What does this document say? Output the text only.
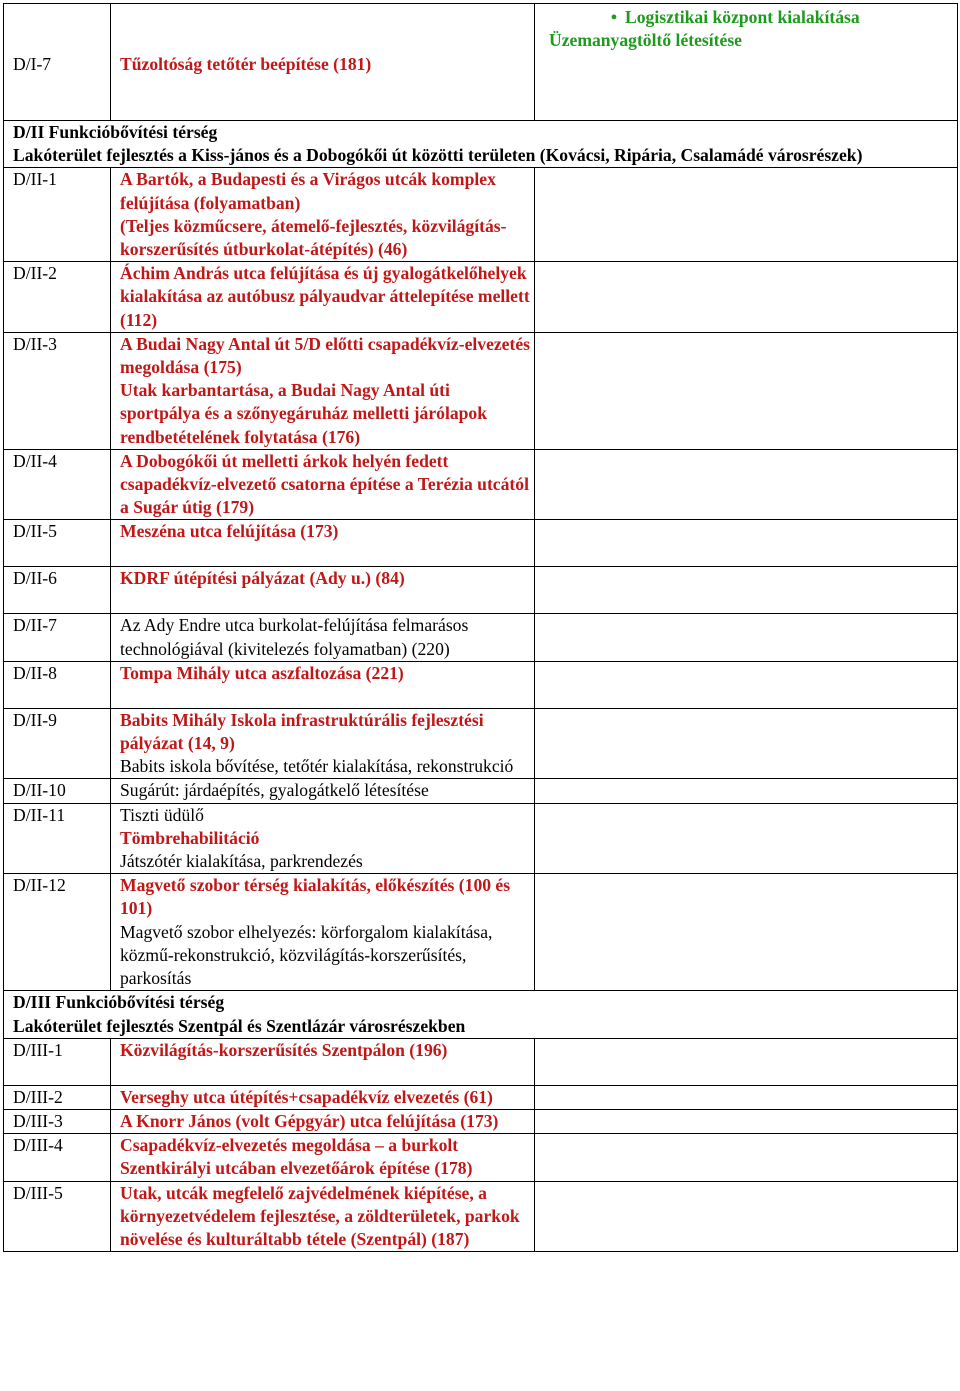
D/I-7	Tűzoltóság tetőtér beépítése (181)	• Logisztikai központ kialakítása
Üzemanyagtöltő létesítése

D/II Funkcióbővítési térség
Lakóterület fejlesztés a Kiss-jános és a Dobogókői út közötti területen (Kovácsi, Ripária, Csalamádé városrészek)		

D/II-1	A Bartók, a Budapesti és a Virágos utcák komplex felújítása (folyamatban)
(Teljes közműcsere, átemelő-fejlesztés, közvilágítás-korszerűsítés útburkolat-átépítés) (46)	

D/II-2	Áchim András utca felújítása és új gyalogátkelőhelyek kialakítása az autóbusz pályaudvar áttelepítése mellett (112)	

D/II-3	A Budai Nagy Antal út 5/D előtti csapadékvíz-elvezetés megoldása (175)
Utak karbantartása, a Budai Nagy Antal úti sportpálya és a szőnyegáruház melletti járólapok rendbetételének folytatása (176)	

D/II-4	A Dobogókői út melletti árkok helyén fedett csapadékvíz-elvezető csatorna építése a Terézia utcától a Sugár útig (179)	

D/II-5	Meszéna utca felújítása (173)	

D/II-6	KDRF útépítési pályázat (Ady u.) (84)	

D/II-7	Az Ady Endre utca burkolat-felújítása felmarásos technológiával (kivitelezés folyamatban) (220)	

D/II-8	Tompa Mihály utca aszfaltozása (221)	

D/II-9	Babits Mihály Iskola infrastruktúrális fejlesztési pályázat (14, 9)
Babits iskola bővítése, tetőtér kialakítása, rekonstrukció	

D/II-10	Sugárút: járdaépítés, gyalogátkelő létesítése	

D/II-11	Tiszti üdülő
Tömbrehabilitáció
Játszótér kialakítása, parkrendezés	

D/II-12	Magvető szobor térség kialakítás, előkészítés (100 és 101)
Magvető szobor elhelyezés: körforgalom kialakítása, közmű-rekonstrukció, közvilágítás-korszerűsítés, parkosítás	

D/III Funkcióbővítési térség
Lakóterület fejlesztés Szentpál és Szentlázár városrészekben		

D/III-1	Közvilágítás-korszerűsítés Szentpálon (196)	

D/III-2	Verseghy utca útépítés+csapadékvíz elvezetés (61)	

D/III-3	A Knorr János (volt Gépgyár) utca felújítása (173)	

D/III-4	Csapadékvíz-elvezetés megoldása – a burkolt Szentkirályi utcában elvezetőárok építése (178)	

D/III-5	Utak, utcák megfelelő zajvédelmének kiépítése, a környezetvédelem fejlesztése, a zöldterületek, parkok növelése és kulturáltabb tétele (Szentpál) (187)	
